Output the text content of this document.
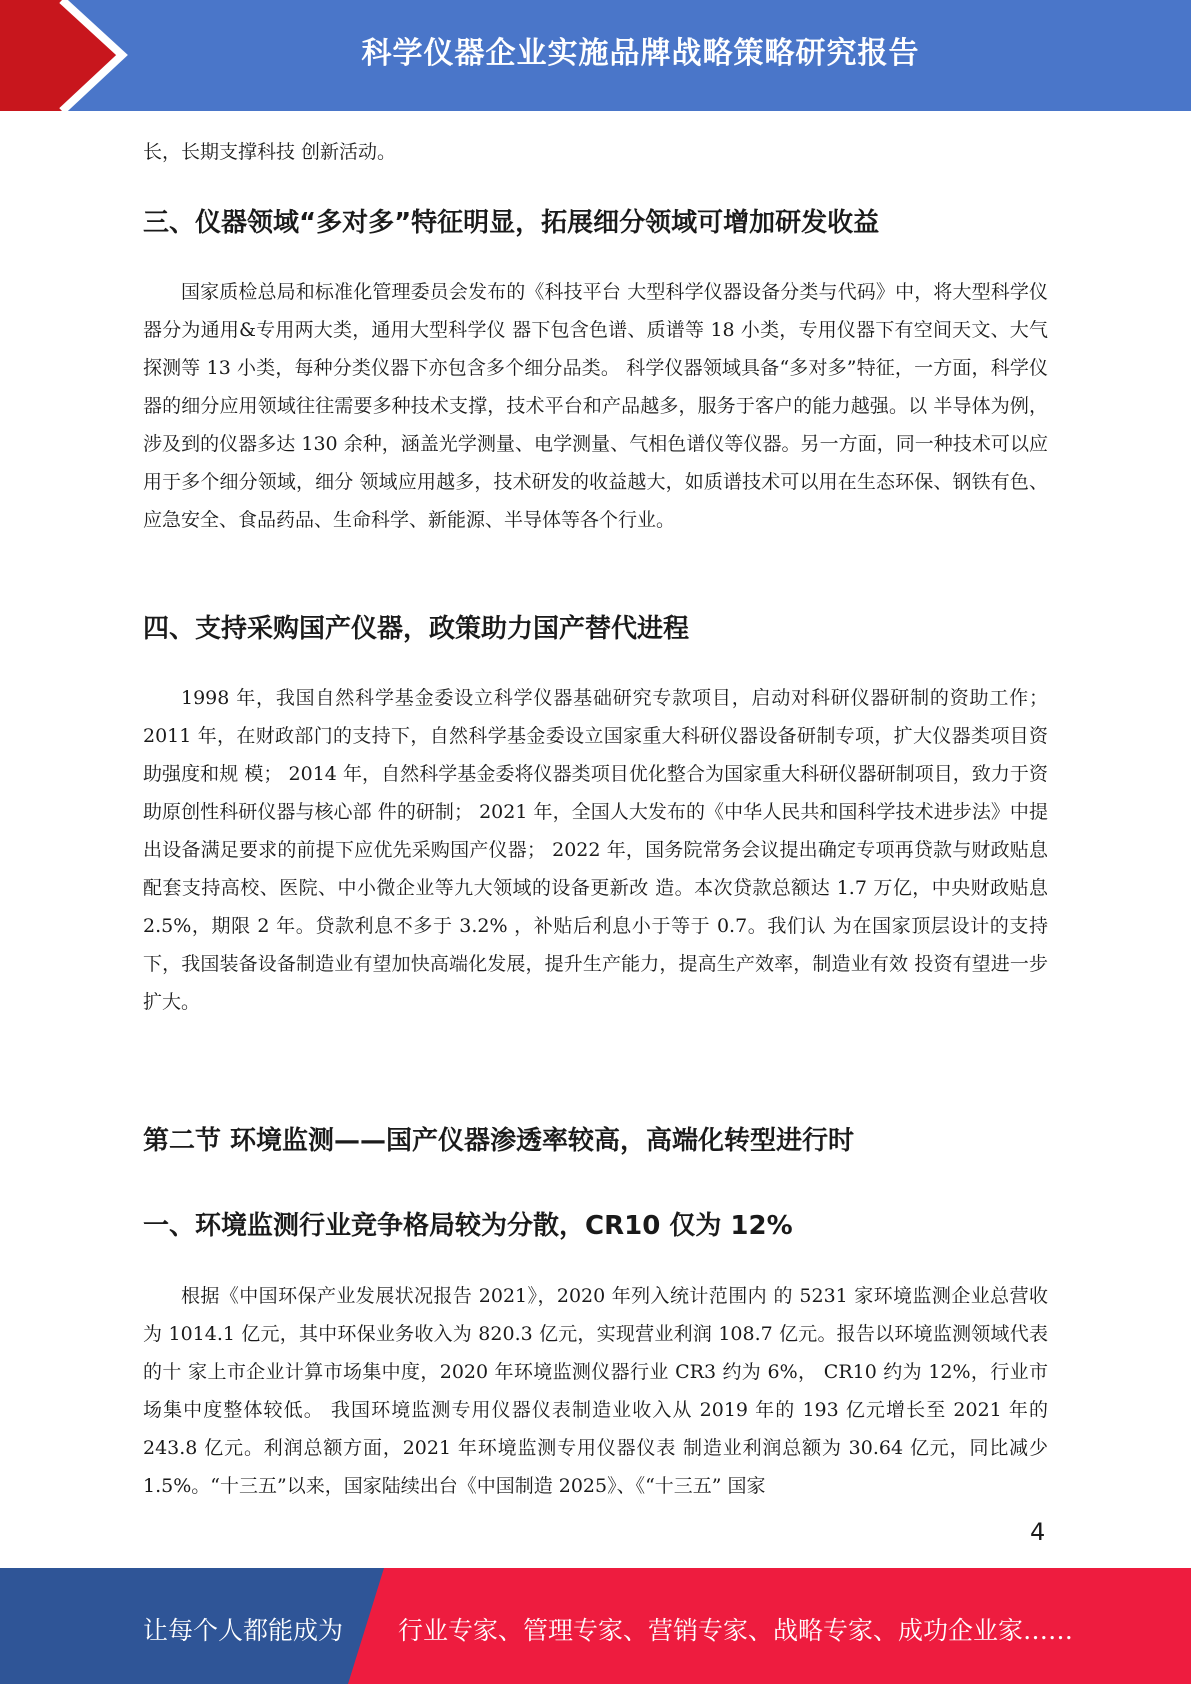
科学仪器企业实施品牌战略策略研究报告

长，长期支撑科技 创新活动。

三、仪器领域“多对多”特征明显，拓展细分领域可增加研发收益

国家质检总局和标准化管理委员会发布的《科技平台 大型科学仪器设备分类与代码》中，将大型科学仪器分为通用&专用两大类，通用大型科学仪 器下包含色谱、质谱等 18 小类，专用仪器下有空间天文、大气探测等 13 小类，每种分类仪器下亦包含多个细分品类。 科学仪器领域具备“多对多”特征，一方面，科学仪器的细分应用领域往往需要多种技术支撑，技术平台和产品越多，服务于客户的能力越强。以 半导体为例，涉及到的仪器多达 130 余种，涵盖光学测量、电学测量、气相色谱仪等仪器。另一方面，同一种技术可以应用于多个细分领域，细分 领域应用越多，技术研发的收益越大，如质谱技术可以用在生态环保、钢铁有色、应急安全、食品药品、生命科学、新能源、半导体等各个行业。

四、支持采购国产仪器，政策助力国产替代进程

1998 年，我国自然科学基金委设立科学仪器基础研究专款项目，启动对科研仪器研制的资助工作； 2011 年，在财政部门的支持下，自然科学基金委设立国家重大科研仪器设备研制专项，扩大仪器类项目资助强度和规 模； 2014 年，自然科学基金委将仪器类项目优化整合为国家重大科研仪器研制项目，致力于资助原创性科研仪器与核心部 件的研制； 2021 年，全国人大发布的《中华人民共和国科学技术进步法》中提出设备满足要求的前提下应优先采购国产仪器； 2022 年，国务院常务会议提出确定专项再贷款与财政贴息配套支持高校、医院、中小微企业等九大领域的设备更新改 造。本次贷款总额达 1.7 万亿，中央财政贴息 2.5%，期限 2 年。贷款利息不多于 3.2% ，补贴后利息小于等于 0.7。我们认 为在国家顶层设计的支持下，我国装备设备制造业有望加快高端化发展，提升生产能力，提高生产效率，制造业有效 投资有望进一步扩大。

第二节 环境监测——国产仪器渗透率较高，高端化转型进行时
一、环境监测行业竞争格局较为分散，CR10 仅为 12%

根据《中国环保产业发展状况报告 2021》，2020 年列入统计范围内 的 5231 家环境监测企业总营收为 1014.1 亿元，其中环保业务收入为 820.3 亿元，实现营业利润 108.7 亿元。报告以环境监测领域代表的十 家上市企业计算市场集中度，2020 年环境监测仪器行业 CR3 约为 6%， CR10 约为 12%，行业市场集中度整体较低。 我国环境监测专用仪器仪表制造业收入从 2019 年的 193 亿元增长至 2021 年的 243.8 亿元。利润总额方面，2021 年环境监测专用仪器仪表 制造业利润总额为 30.64 亿元，同比减少 1.5%。“十三五”以来，国家陆续出台《中国制造 2025》、《“十三五” 国家

4
让每个人都能成为 行业专家、管理专家、营销专家、战略专家、成功企业家……
